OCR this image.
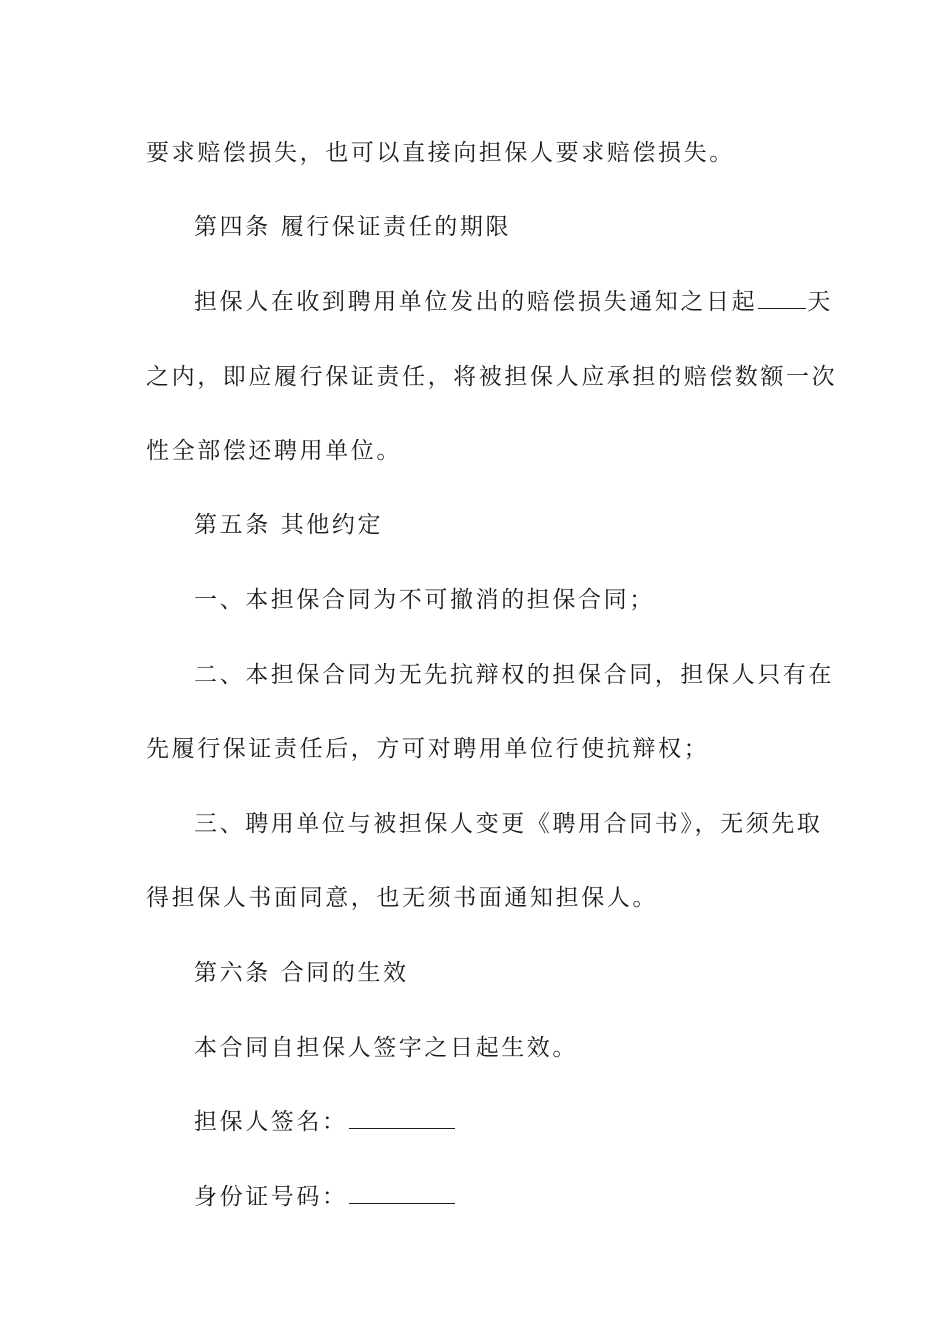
要求赔偿损失，也可以直接向担保人要求赔偿损失。
第四条 履行保证责任的期限
担保人在收到聘用单位发出的赔偿损失通知之日起 天
之内，即应履行保证责任，将被担保人应承担的赔偿数额一次
性全部偿还聘用单位。
第五条 其他约定
一、本担保合同为不可撤消的担保合同；
二、本担保合同为无先抗辩权的担保合同，担保人只有在
先履行保证责任后，方可对聘用单位行使抗辩权；
三、聘用单位与被担保人变更《聘用合同书》，无须先取
得担保人书面同意，也无须书面通知担保人。
第六条 合同的生效
本合同自担保人签字之日起生效。
担保人签名：
身份证号码：
